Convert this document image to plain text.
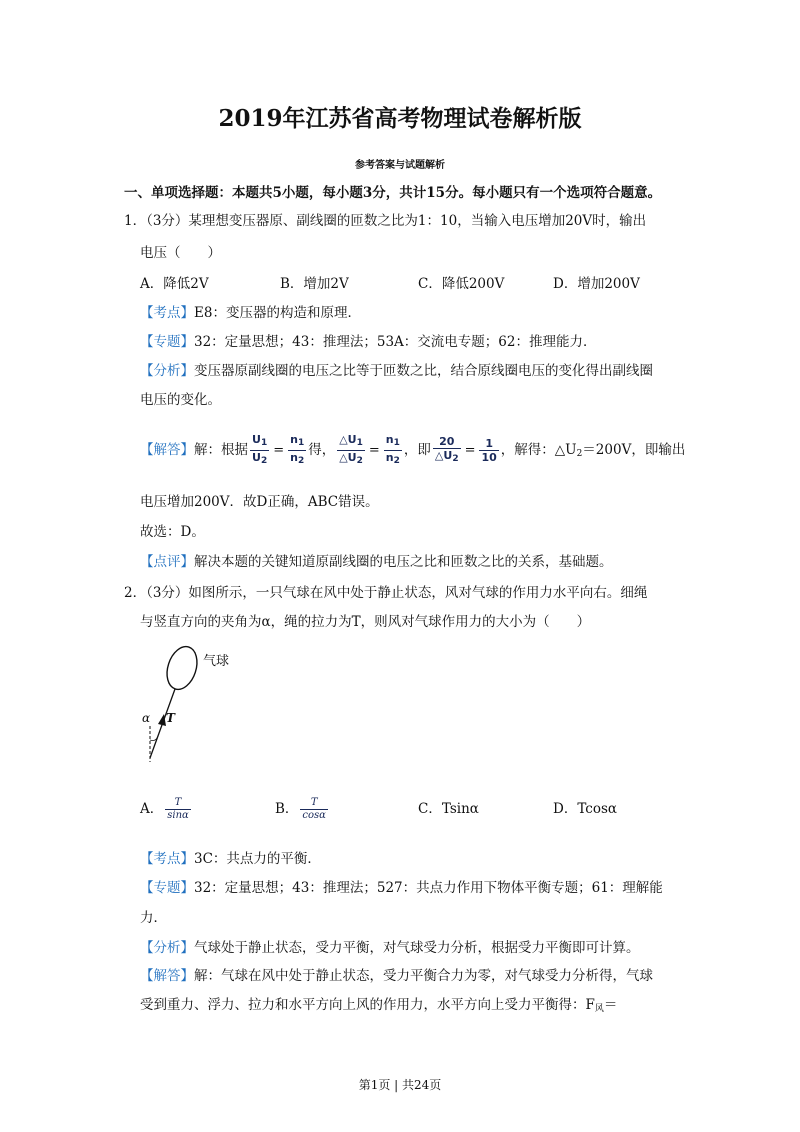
2019年江苏省高考物理试卷解析版
参考答案与试题解析
一、单项选择题：本题共5小题，每小题3分，共计15分。每小题只有一个选项符合题意。
1．（3分）某理想变压器原、副线圈的匝数之比为1：10，当输入电压增加20V时，输出
电压（　　）
A．降低2V	B．增加2V	C．降低200V	D．增加200V
【考点】E8：变压器的构造和原理．
【专题】32：定量思想；43：推理法；53A：交流电专题；62：推理能力．
【分析】变压器原副线圈的电压之比等于匝数之比，结合原线圈电压的变化得出副线圈
电压的变化。
【解答】解：根据 $\frac{U_1}{U_2} = \frac{n_1}{n_2}$ 得， $\frac{\triangle U_1}{\triangle U_2} = \frac{n_1}{n_2}$ ，即 $\frac{20}{\triangle U_2} = \frac{1}{10}$ ，解得：$\triangle U_2=200V$，即输出
电压增加200V．故D正确，ABC错误。
故选：D。
【点评】解决本题的关键知道原副线圈的电压之比和匝数之比的关系，基础题。
2．（3分）如图所示，一只气球在风中处于静止状态，风对气球的作用力水平向右。细绳
与竖直方向的夹角为α，绳的拉力为T，则风对气球作用力的大小为（　　）
气球
α T
A． $\frac{T}{\sin\alpha}$	B． $\frac{T}{\cos\alpha}$	C．Tsinα	D．Tcosα
【考点】3C：共点力的平衡．
【专题】32：定量思想；43：推理法；527：共点力作用下物体平衡专题；61：理解能
力．
【分析】气球处于静止状态，受力平衡，对气球受力分析，根据受力平衡即可计算。
【解答】解：气球在风中处于静止状态，受力平衡合力为零，对气球受力分析得，气球
受到重力、浮力、拉力和水平方向上风的作用力，水平方向上受力平衡得：$F_风=$
第1页 | 共24页
